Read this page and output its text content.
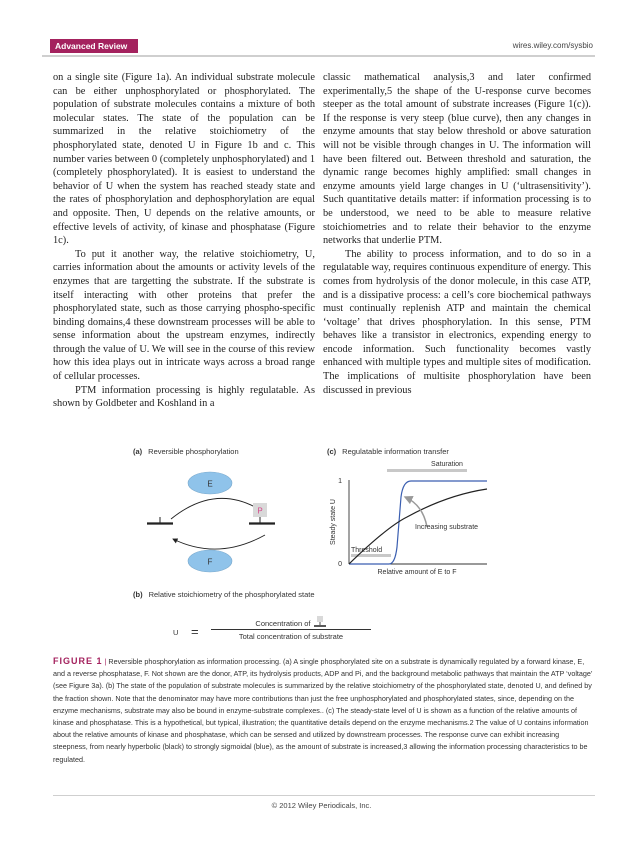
Advanced Review	wires.wiley.com/sysbio

on a single site (Figure 1a). An individual substrate molecule can be either unphosphorylated or phosphorylated. The population of substrate molecules contains a mixture of both molecular states. The state of the population can be summarized in the relative stoichiometry of the phosphorylated state, denoted U in Figure 1b and c. This number varies between 0 (completely unphosphorylated) and 1 (completely phosphorylated). It is easiest to understand the behavior of U when the system has reached steady state and the rates of phosphorylation and dephosphorylation are equal and opposite. Then, U depends on the relative amounts, or effective levels of activity, of kinase and phosphatase (Figure 1c).

To put it another way, the relative stoichiometry, U, carries information about the amounts or activity levels of the enzymes that are targetting the substrate. If the substrate is itself interacting with other proteins that prefer the phosphorylated state, such as those carrying phospho-specific binding domains,4 these downstream processes will be able to sense information about the upstream enzymes, indirectly through the value of U. We will see in the course of this review how this idea plays out in intricate ways across a broad range of cellular processes.

PTM information processing is highly regulatable. As shown by Goldbeter and Koshland in a

classic mathematical analysis,3 and later confirmed experimentally,5 the shape of the U-response curve becomes steeper as the total amount of substrate increases (Figure 1(c)). If the response is very steep (blue curve), then any changes in enzyme amounts that stay below threshold or above saturation will not be visible through changes in U. The information will have been filtered out. Between threshold and saturation, the dynamic range becomes highly amplified: small changes in enzyme amounts yield large changes in U (‘ultrasensitivity’). Such quantitative details matter: if information processing is to be understood, we need to be able to measure relative stoichiometries and to relate their behavior to the enzyme networks that underlie PTM.

The ability to process information, and to do so in a regulatable way, requires continuous expenditure of energy. This comes from hydrolysis of the donor molecule, in this case ATP, and is a dissipative process: a cell’s core biochemical pathways must continually replenish ATP and maintain the chemical ‘voltage’ that drives phosphorylation. In this sense, PTM behaves like a transistor in electronics, expending energy to encode information. Such functionality becomes vastly enhanced with multiple types and multiple sites of modification. The implications of multisite phosphorylation have been discussed in previous

(a) Reversible phosphorylation
E
P
F
(c) Regulatable information transfer
Saturation
1
0
Steady state U
Threshold
Increasing substrate
Relative amount of E to F
(b) Relative stoichiometry of the phosphorylated state
U =
Concentration of
Total concentration of substrate
FIGURE 1 | Reversible phosphorylation as information processing. (a) A single phosphorylated site on a substrate is dynamically regulated by a forward kinase, E, and a reverse phosphatase, F. Not shown are the donor, ATP, its hydrolysis products, ADP and Pi, and the background metabolic pathways that maintain the ATP ‘voltage’ (see Figure 3a). (b) The state of the population of substrate molecules is summarized by the relative stoichiometry of the phosphorylated state, denoted U, and defined by the fraction shown. Note that the denominator may have more contributions than just the free unphosphorylated and phosphorylated states, since, depending on the enzyme mechanisms, substrate may also be bound in enzyme-substrate complexes.. (c) The steady-state level of U is shown as a function of the relative amounts of kinase and phosphatase. This is a hypothetical, but typical, illustration; the quantitative details depend on the enzyme mechanisms.2 The value of U contains information about the relative amounts of kinase and phosphatase, which can be sensed and utilized by downstream processes. The response curve can exhibit increasing steepness, from nearly hyperbolic (black) to strongly sigmoidal (blue), as the amount of substrate is increased,3 allowing the information processing characteristics to be regulated.
© 2012 Wiley Periodicals, Inc.
